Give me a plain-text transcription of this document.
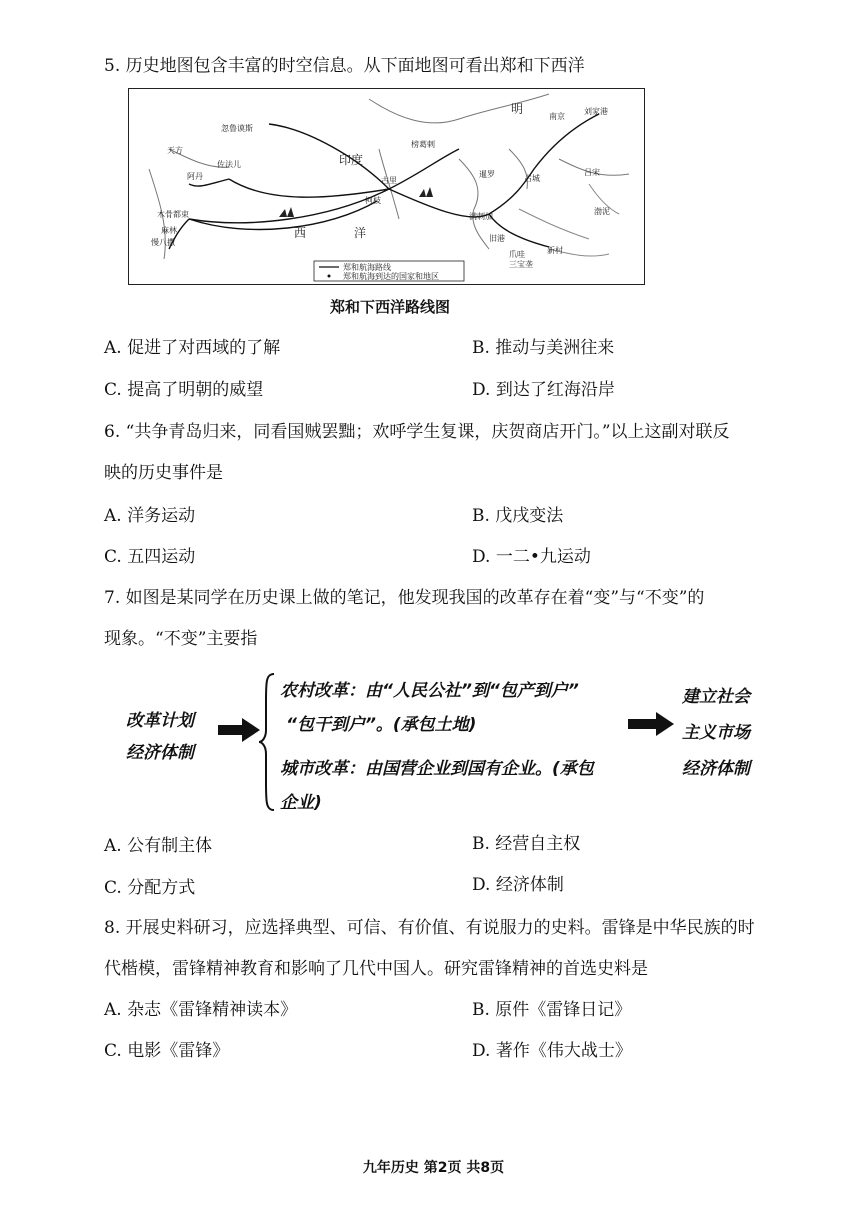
5. 历史地图包含丰富的时空信息。从下面地图可看出郑和下西洋
明
南京
刘家港
印度
西	洋
忽鲁谟斯
天方
阿丹
佐法儿
木骨都束
麻林
慢八撒
古里
柯枝
榜葛剌
暹罗	占城
满剌加
旧港
爪哇
三宝垄
新村
吕宋
渤泥
郑和航海路线
郑和航海到达的国家和地区
郑和下西洋路线图
A. 促进了对西域的了解	B. 推动与美洲往来
C. 提高了明朝的威望	D. 到达了红海沿岸
6. “共争青岛归来，同看国贼罢黜；欢呼学生复课，庆贺商店开门。”以上这副对联反
映的历史事件是
A. 洋务运动	B. 戊戌变法
C. 五四运动	D. 一二•九运动
7. 如图是某同学在历史课上做的笔记，他发现我国的改革存在着“变”与“不变”的
现象。“不变”主要指
改革计划
经济体制
农村改革：由“人民公社”到“包产到户”
“包干到户”。(承包土地)
城市改革：由国营企业到国有企业。(承包
企业)
建立社会
主义市场
经济体制
A. 公有制主体	B. 经营自主权
C. 分配方式	D. 经济体制
8. 开展史料研习，应选择典型、可信、有价值、有说服力的史料。雷锋是中华民族的时
代楷模，雷锋精神教育和影响了几代中国人。研究雷锋精神的首选史料是
A. 杂志《雷锋精神读本》	B. 原件《雷锋日记》
C. 电影《雷锋》	D. 著作《伟大战士》
九年历史 第2页 共8页
